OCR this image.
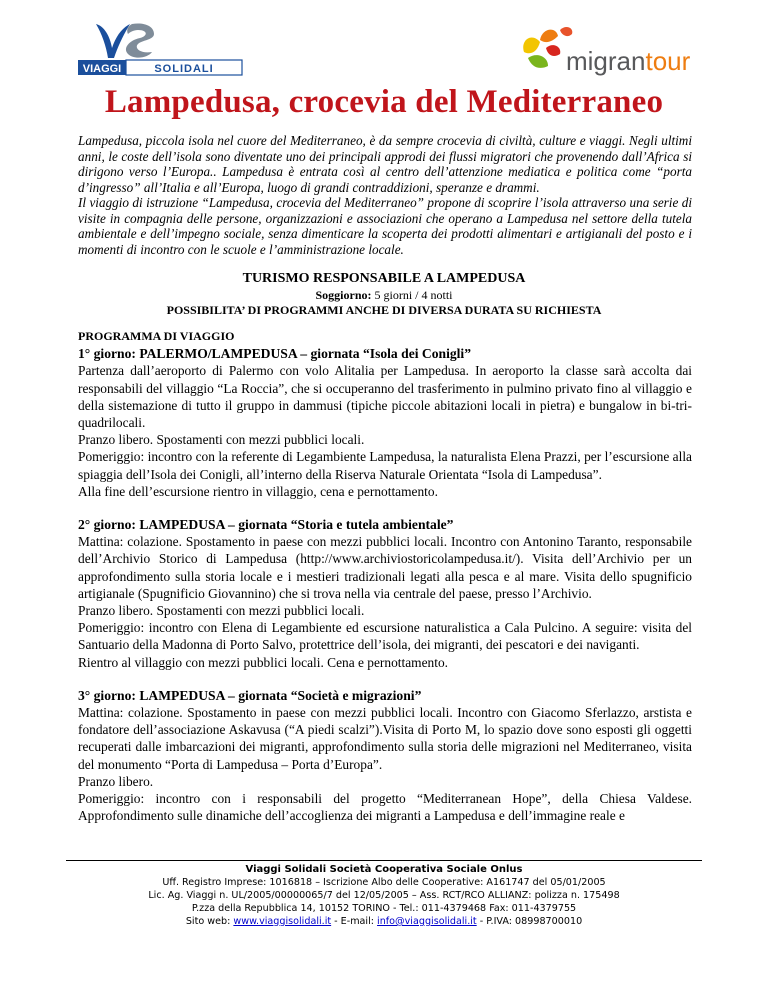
VIAGGI	SOLIDALI	migrantour
Lampedusa, crocevia del Mediterraneo

Lampedusa, piccola isola nel cuore del Mediterraneo, è da sempre crocevia di civiltà, culture e viaggi. Negli ultimi anni, le coste dell’isola sono diventate uno dei principali approdi dei flussi migratori che provenendo dall’Africa si dirigono verso l’Europa.. Lampedusa è entrata così al centro dell’attenzione mediatica e politica come “porta d’ingresso” all’Italia e all’Europa, luogo di grandi contraddizioni, speranze e drammi.

Il viaggio di istruzione “Lampedusa, crocevia del Mediterraneo” propone di scoprire l’isola attraverso una serie di visite in compagnia delle persone, organizzazioni e associazioni che operano a Lampedusa nel settore della tutela ambientale e dell’impegno sociale, senza dimenticare la scoperta dei prodotti alimentari e artigianali del posto e i momenti di incontro con le scuole e l’amministrazione locale.

TURISMO RESPONSABILE A LAMPEDUSA
Soggiorno: 5 giorni / 4 notti
POSSIBILITA’ DI PROGRAMMI ANCHE DI DIVERSA DURATA SU RICHIESTA

PROGRAMMA DI VIAGGIO

1° giorno: PALERMO/LAMPEDUSA – giornata “Isola dei Conigli”

Partenza dall’aeroporto di Palermo con volo Alitalia per Lampedusa. In aeroporto la classe sarà accolta dai responsabili del villaggio “La Roccia”, che si occuperanno del trasferimento in pulmino privato fino al villaggio e della sistemazione di tutto il gruppo in dammusi (tipiche piccole abitazioni locali in pietra) e bungalow in bi-tri-quadrilocali.

Pranzo libero. Spostamenti con mezzi pubblici locali.

Pomeriggio: incontro con la referente di Legambiente Lampedusa, la naturalista Elena Prazzi, per l’escursione alla spiaggia dell’Isola dei Conigli, all’interno della Riserva Naturale Orientata “Isola di Lampedusa”.

Alla fine dell’escursione rientro in villaggio, cena e pernottamento.

2° giorno: LAMPEDUSA – giornata “Storia e tutela ambientale”

Mattina: colazione. Spostamento in paese con mezzi pubblici locali. Incontro con Antonino Taranto, responsabile dell’Archivio Storico di Lampedusa (http://www.archiviostoricolampedusa.it/). Visita dell’Archivio per un approfondimento sulla storia locale e i mestieri tradizionali legati alla pesca e al mare. Visita dello spugnificio artigianale (Spugnificio Giovannino) che si trova nella via centrale del paese, presso l’Archivio.

Pranzo libero. Spostamenti con mezzi pubblici locali.

Pomeriggio: incontro con Elena di Legambiente ed escursione naturalistica a Cala Pulcino. A seguire: visita del Santuario della Madonna di Porto Salvo, protettrice dell’isola, dei migranti, dei pescatori e dei naviganti.

Rientro al villaggio con mezzi pubblici locali. Cena e pernottamento.

3° giorno: LAMPEDUSA – giornata “Società e migrazioni”

Mattina: colazione. Spostamento in paese con mezzi pubblici locali. Incontro con Giacomo Sferlazzo, arstista e fondatore dell’associazione Askavusa (“A piedi scalzi”).Visita di Porto M, lo spazio dove sono esposti gli oggetti recuperati dalle imbarcazioni dei migranti, approfondimento sulla storia delle migrazioni nel Mediterraneo, visita del monumento “Porta di Lampedusa – Porta d’Europa”.

Pranzo libero.

Pomeriggio: incontro con i responsabili del progetto “Mediterranean Hope”, della Chiesa Valdese. Approfondimento sulle dinamiche dell’accoglienza dei migranti a Lampedusa e dell’immagine reale e

Viaggi Solidali Società Cooperativa Sociale Onlus
Uff. Registro Imprese: 1016818 – Iscrizione Albo delle Cooperative: A161747 del 05/01/2005
Lic. Ag. Viaggi n. UL/2005/00000065/7 del 12/05/2005 – Ass. RCT/RCO ALLIANZ: polizza n. 175498
P.zza della Repubblica 14, 10152 TORINO - Tel.: 011-4379468 Fax: 011-4379755
Sito web: www.viaggisolidali.it - E-mail: info@viaggisolidali.it - P.IVA: 08998700010
